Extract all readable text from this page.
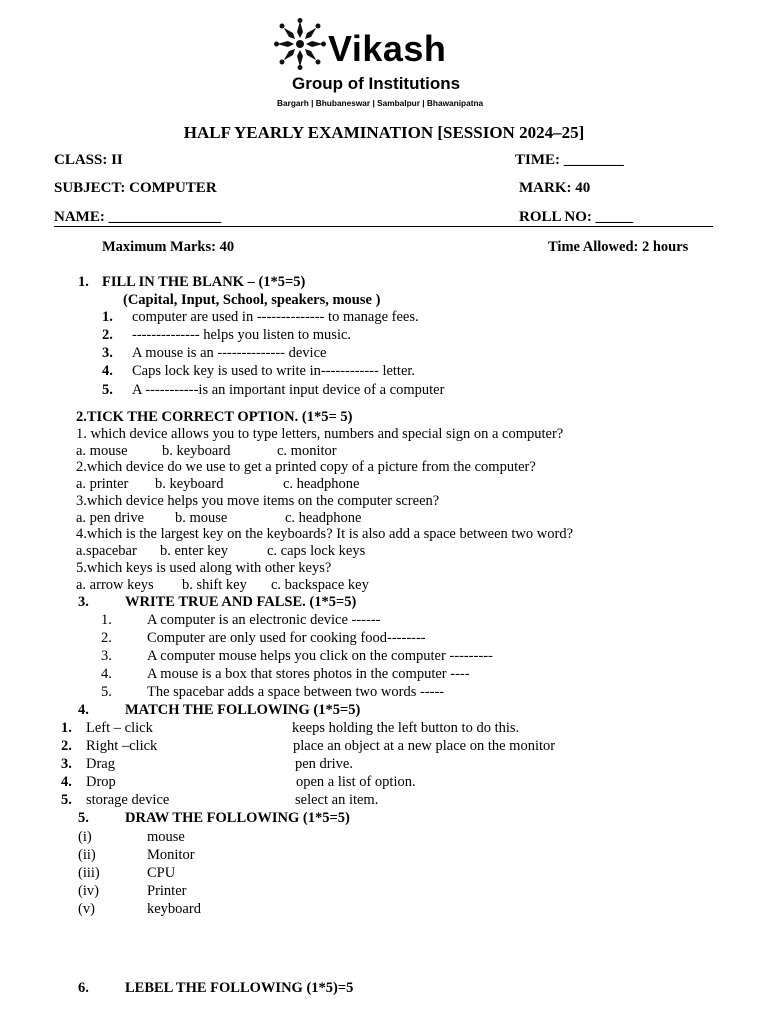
Vikash
Group of Institutions
Bargarh | Bhubaneswar | Sambalpur | Bhawanipatna
HALF YEARLY EXAMINATION [SESSION 2024–25]
CLASS: II	TIME: ________
SUBJECT: COMPUTER	MARK: 40
NAME: _______________	ROLL NO: _____
Maximum Marks: 40	Time Allowed: 2 hours
1. FILL IN THE BLANK – (1*5=5)
(Capital, Input, School, speakers, mouse )
1. computer are used in -------------- to manage fees.
2. -------------- helps you listen to music.
3. A mouse is an -------------- device
4. Caps lock key is used to write in------------ letter.
5. A -----------is an important input device of a computer
2.TICK THE CORRECT OPTION. (1*5= 5)
1. which device allows you to type letters, numbers and special sign on a computer?
a. mouse b. keyboard	c. monitor
2.which device do we use to get a printed copy of a picture from the computer?
a. printer b. keyboard	c. headphone
3.which device helps you move items on the computer screen?
a. pen drive b. mouse	c. headphone
4.which is the largest key on the keyboards? It is also add a space between two word?
a.spacebar b. enter key	c. caps lock keys
5.which keys is used along with other keys?
a. arrow keys b. shift key c. backspace key
3. WRITE TRUE AND FALSE. (1*5=5)
1. A computer is an electronic device ------
2. Computer are only used for cooking food--------
3. A computer mouse helps you click on the computer ---------
4. A mouse is a box that stores photos in the computer ----
5. The spacebar adds a space between two words -----
4. MATCH THE FOLLOWING (1*5=5)
1. Left – click	keeps holding the left button to do this.
2. Right –click	place an object at a new place on the monitor
3. Drag	pen drive.
4. Drop	open a list of option.
5. storage device	select an item.
5. DRAW THE FOLLOWING (1*5=5)
(i)	mouse
(ii)	Monitor
(iii)	CPU
(iv)	Printer
(v)	keyboard
6. LEBEL THE FOLLOWING (1*5)=5
